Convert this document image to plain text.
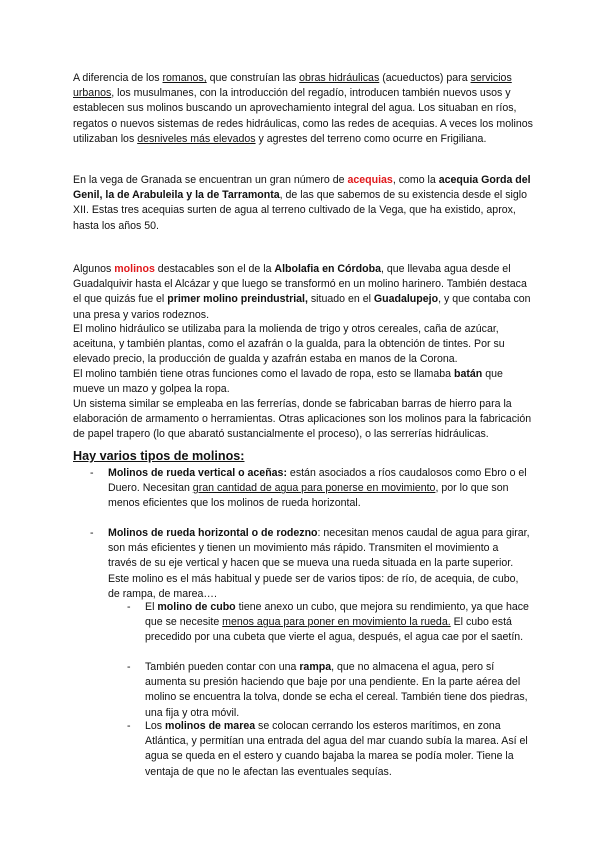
A diferencia de los romanos, que construían las obras hidráulicas (acueductos) para servicios urbanos, los musulmanes, con la introducción del regadío, introducen también nuevos usos y establecen sus molinos buscando un aprovechamiento integral del agua. Los situaban en ríos, regatos o nuevos sistemas de redes hidráulicas, como las redes de acequias. A veces los molinos utilizaban los desniveles más elevados y agrestes del terreno como ocurre en Frigiliana.

En la vega de Granada se encuentran un gran número de acequias, como la acequia Gorda del Genil, la de Arabuleila y la de Tarramonta, de las que sabemos de su existencia desde el siglo XII. Estas tres acequias surten de agua al terreno cultivado de la Vega, que ha existido, aprox, hasta los años 50.

Algunos molinos destacables son el de la Albolafia en Córdoba, que llevaba agua desde el Guadalquivir hasta el Alcázar y que luego se transformó en un molino harinero. También destaca el que quizás fue el primer molino preindustrial, situado en el Guadalupejo, y que contaba con una presa y varios rodeznos.

El molino hidráulico se utilizaba para la molienda de trigo y otros cereales, caña de azúcar, aceituna, y también plantas, como el azafrán o la gualda, para la obtención de tintes. Por su elevado precio, la producción de gualda y azafrán estaba en manos de la Corona.

El molino también tiene otras funciones como el lavado de ropa, esto se llamaba batán que mueve un mazo y golpea la ropa.

Un sistema similar se empleaba en las ferrerías, donde se fabricaban barras de hierro para la elaboración de armamento o herramientas. Otras aplicaciones son los molinos para la fabricación de papel trapero (lo que abarató sustancialmente el proceso), o las serrerías hidráulicas.

Hay varios tipos de molinos:
- Molinos de rueda vertical o aceñas: están asociados a ríos caudalosos como Ebro o el Duero. Necesitan gran cantidad de agua para ponerse en movimiento, por lo que son menos eficientes que los molinos de rueda horizontal.

- Molinos de rueda horizontal o de rodezno: necesitan menos caudal de agua para girar, son más eficientes y tienen un movimiento más rápido. Transmiten el movimiento a través de su eje vertical y hacen que se mueva una rueda situada en la parte superior. Este molino es el más habitual y puede ser de varios tipos: de río, de acequia, de cubo, de rampa, de marea….

- El molino de cubo tiene anexo un cubo, que mejora su rendimiento, ya que hace que se necesite menos agua para poner en movimiento la rueda. El cubo está precedido por una cubeta que vierte el agua, después, el agua cae por el saetín.

- También pueden contar con una rampa, que no almacena el agua, pero sí aumenta su presión haciendo que baje por una pendiente. En la parte aérea del molino se encuentra la tolva, donde se echa el cereal. También tiene dos piedras, una fija y otra móvil.

- Los molinos de marea se colocan cerrando los esteros marítimos, en zona Atlántica, y permitían una entrada del agua del mar cuando subía la marea. Así el agua se queda en el estero y cuando bajaba la marea se podía moler. Tiene la ventaja de que no le afectan las eventuales sequías.
